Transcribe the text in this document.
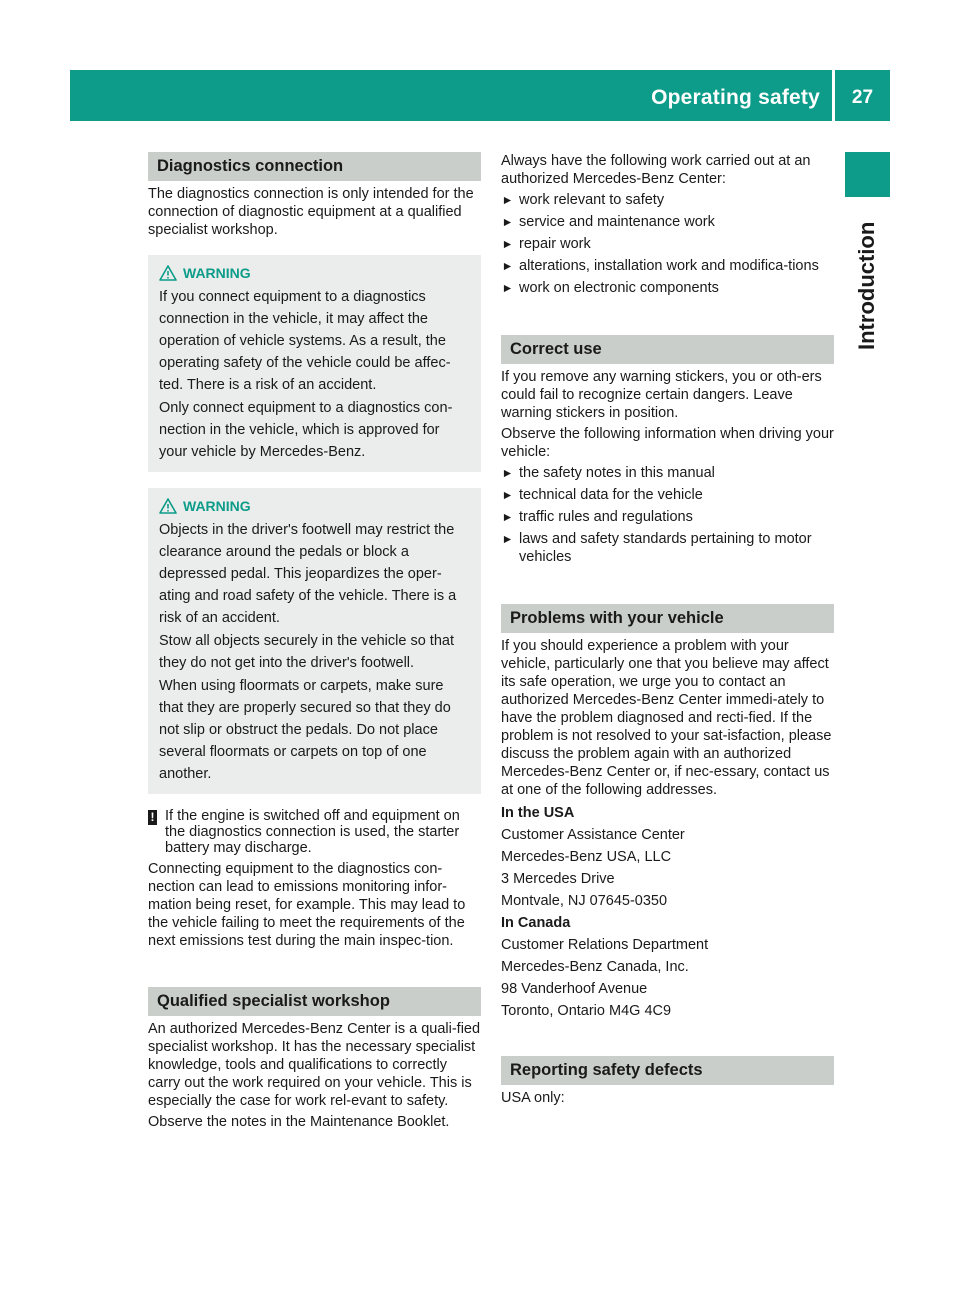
Operating safety	27
Introduction
Diagnostics connection

The diagnostics connection is only intended for the connection of diagnostic equipment at a qualified specialist workshop.

WARNING

If you connect equipment to a diagnostics connection in the vehicle, it may affect the operation of vehicle systems. As a result, the operating safety of the vehicle could be affec-ted. There is a risk of an accident.

Only connect equipment to a diagnostics con-nection in the vehicle, which is approved for your vehicle by Mercedes-Benz.

WARNING

Objects in the driver's footwell may restrict the clearance around the pedals or block a depressed pedal. This jeopardizes the oper-ating and road safety of the vehicle. There is a risk of an accident.

Stow all objects securely in the vehicle so that they do not get into the driver's footwell.

When using floormats or carpets, make sure that they are properly secured so that they do not slip or obstruct the pedals. Do not place several floormats or carpets on top of one another.

! If the engine is switched off and equipment on the diagnostics connection is used, the starter battery may discharge.

Connecting equipment to the diagnostics con-nection can lead to emissions monitoring infor-mation being reset, for example. This may lead to the vehicle failing to meet the requirements of the next emissions test during the main inspec-tion.

Qualified specialist workshop

An authorized Mercedes-Benz Center is a quali-fied specialist workshop. It has the necessary specialist knowledge, tools and qualifications to correctly carry out the work required on your vehicle. This is especially the case for work rel-evant to safety.

Observe the notes in the Maintenance Booklet.

Always have the following work carried out at an authorized Mercedes-Benz Center:

work relevant to safety
service and maintenance work
repair work
alterations, installation work and modifica-tions
work on electronic components
Correct use

If you remove any warning stickers, you or oth-ers could fail to recognize certain dangers. Leave warning stickers in position.

Observe the following information when driving your vehicle:

the safety notes in this manual
technical data for the vehicle
traffic rules and regulations
laws and safety standards pertaining to motor vehicles
Problems with your vehicle

If you should experience a problem with your vehicle, particularly one that you believe may affect its safe operation, we urge you to contact an authorized Mercedes-Benz Center immedi-ately to have the problem diagnosed and recti-fied. If the problem is not resolved to your sat-isfaction, please discuss the problem again with an authorized Mercedes-Benz Center or, if nec-essary, contact us at one of the following addresses.

In the USA

Customer Assistance Center

Mercedes-Benz USA, LLC

3 Mercedes Drive

Montvale, NJ 07645-0350

In Canada

Customer Relations Department

Mercedes-Benz Canada, Inc.

98 Vanderhoof Avenue

Toronto, Ontario M4G 4C9

Reporting safety defects

USA only:
